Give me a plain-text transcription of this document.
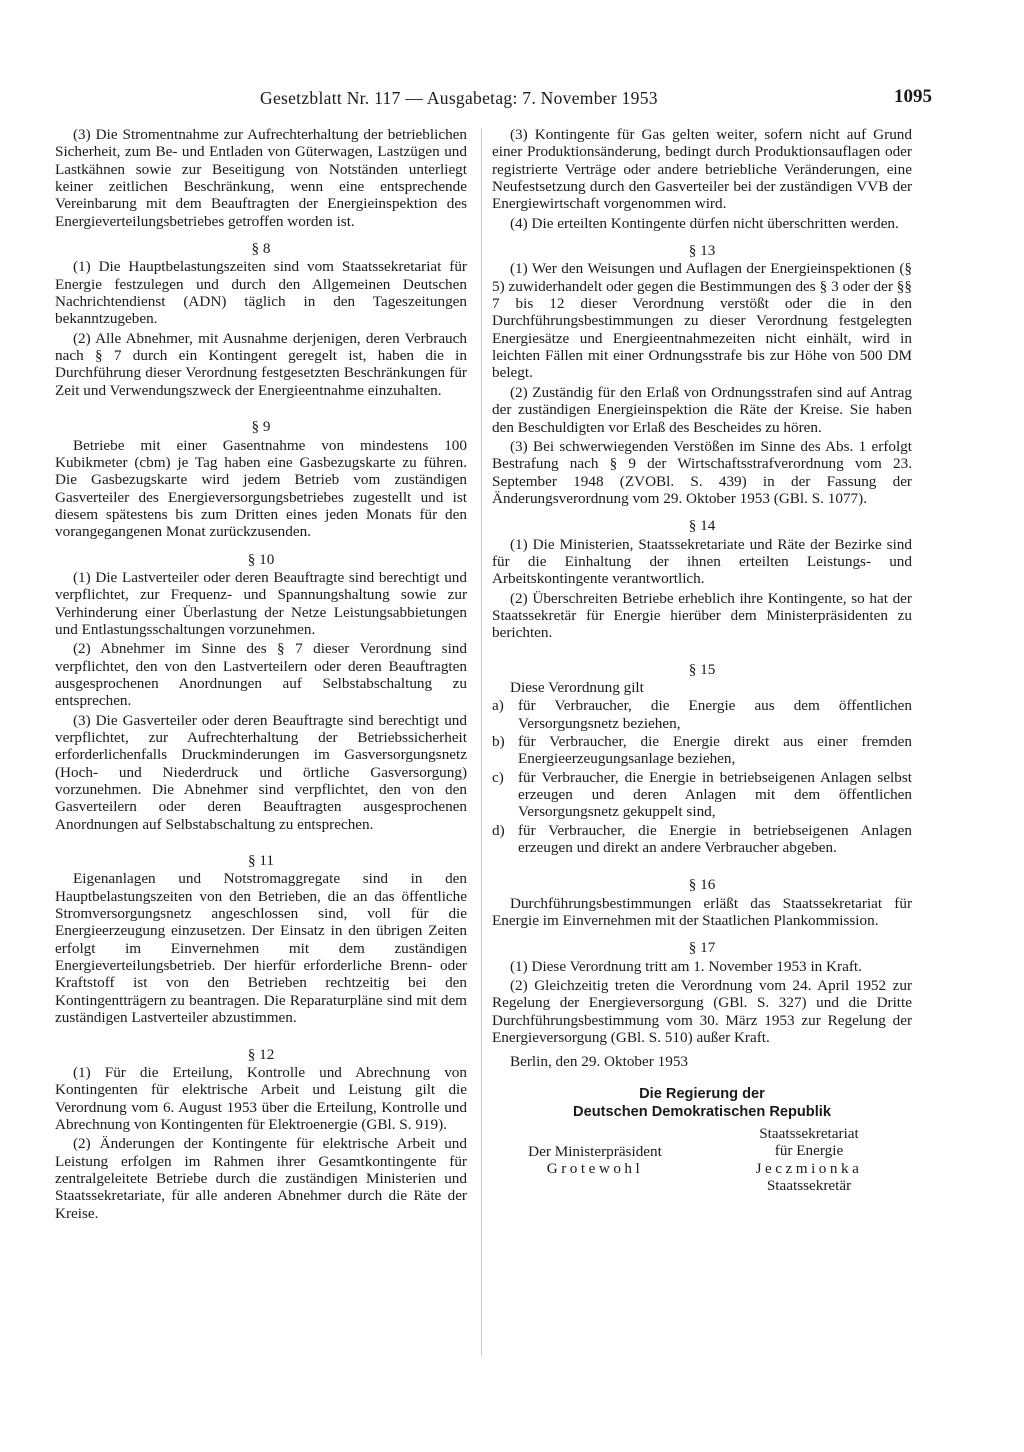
Gesetzblatt Nr. 117 — Ausgabetag: 7. November 1953	1095

(3) Die Stromentnahme zur Aufrechterhaltung der betrieblichen Sicherheit, zum Be- und Entladen von Güterwagen, Lastzügen und Lastkähnen sowie zur Beseitigung von Notständen unterliegt keiner zeitlichen Beschränkung, wenn eine entsprechende Vereinbarung mit dem Beauftragten der Energieinspektion des Energieverteilungsbetriebes getroffen worden ist.

§ 8

(1) Die Hauptbelastungszeiten sind vom Staatssekretariat für Energie festzulegen und durch den Allgemeinen Deutschen Nachrichtendienst (ADN) täglich in den Tageszeitungen bekanntzugeben.

(2) Alle Abnehmer, mit Ausnahme derjenigen, deren Verbrauch nach § 7 durch ein Kontingent geregelt ist, haben die in Durchführung dieser Verordnung festgesetzten Beschränkungen für Zeit und Verwendungszweck der Energieentnahme einzuhalten.

§ 9

Betriebe mit einer Gasentnahme von mindestens 100 Kubikmeter (cbm) je Tag haben eine Gasbezugskarte zu führen. Die Gasbezugskarte wird jedem Betrieb vom zuständigen Gasverteiler des Energieversorgungsbetriebes zugestellt und ist diesem spätestens bis zum Dritten eines jeden Monats für den vorangegangenen Monat zurückzusenden.

§ 10

(1) Die Lastverteiler oder deren Beauftragte sind berechtigt und verpflichtet, zur Frequenz- und Spannungshaltung sowie zur Verhinderung einer Überlastung der Netze Leistungsabbietungen und Entlastungsschaltungen vorzunehmen.

(2) Abnehmer im Sinne des § 7 dieser Verordnung sind verpflichtet, den von den Lastverteilern oder deren Beauftragten ausgesprochenen Anordnungen auf Selbstabschaltung zu entsprechen.

(3) Die Gasverteiler oder deren Beauftragte sind berechtigt und verpflichtet, zur Aufrechterhaltung der Betriebssicherheit erforderlichenfalls Druckminderungen im Gasversorgungsnetz (Hoch- und Niederdruck und örtliche Gasversorgung) vorzunehmen. Die Abnehmer sind verpflichtet, den von den Gasverteilern oder deren Beauftragten ausgesprochenen Anordnungen auf Selbstabschaltung zu entsprechen.

§ 11

Eigenanlagen und Notstromaggregate sind in den Hauptbelastungszeiten von den Betrieben, die an das öffentliche Stromversorgungsnetz angeschlossen sind, voll für die Energieerzeugung einzusetzen. Der Einsatz in den übrigen Zeiten erfolgt im Einvernehmen mit dem zuständigen Energieverteilungsbetrieb. Der hierfür erforderliche Brenn- oder Kraftstoff ist von den Betrieben rechtzeitig bei den Kontingentträgern zu beantragen. Die Reparaturpläne sind mit dem zuständigen Lastverteiler abzustimmen.

§ 12

(1) Für die Erteilung, Kontrolle und Abrechnung von Kontingenten für elektrische Arbeit und Leistung gilt die Verordnung vom 6. August 1953 über die Erteilung, Kontrolle und Abrechnung von Kontingenten für Elektroenergie (GBl. S. 919).

(2) Änderungen der Kontingente für elektrische Arbeit und Leistung erfolgen im Rahmen ihrer Gesamtkontingente für zentralgeleitete Betriebe durch die zuständigen Ministerien und Staatssekretariate, für alle anderen Abnehmer durch die Räte der Kreise.

(3) Kontingente für Gas gelten weiter, sofern nicht auf Grund einer Produktionsänderung, bedingt durch Produktionsauflagen oder registrierte Verträge oder andere betriebliche Veränderungen, eine Neufestsetzung durch den Gasverteiler bei der zuständigen VVB der Energiewirtschaft vorgenommen wird.

(4) Die erteilten Kontingente dürfen nicht überschritten werden.

§ 13

(1) Wer den Weisungen und Auflagen der Energieinspektionen (§ 5) zuwiderhandelt oder gegen die Bestimmungen des § 3 oder der §§ 7 bis 12 dieser Verordnung verstößt oder die in den Durchführungsbestimmungen zu dieser Verordnung festgelegten Energiesätze und Energieentnahmezeiten nicht einhält, wird in leichten Fällen mit einer Ordnungsstrafe bis zur Höhe von 500 DM belegt.

(2) Zuständig für den Erlaß von Ordnungsstrafen sind auf Antrag der zuständigen Energieinspektion die Räte der Kreise. Sie haben den Beschuldigten vor Erlaß des Bescheides zu hören.

(3) Bei schwerwiegenden Verstößen im Sinne des Abs. 1 erfolgt Bestrafung nach § 9 der Wirtschaftsstrafverordnung vom 23. September 1948 (ZVOBl. S. 439) in der Fassung der Änderungsverordnung vom 29. Oktober 1953 (GBl. S. 1077).

§ 14

(1) Die Ministerien, Staatssekretariate und Räte der Bezirke sind für die Einhaltung der ihnen erteilten Leistungs- und Arbeitskontingente verantwortlich.

(2) Überschreiten Betriebe erheblich ihre Kontingente, so hat der Staatssekretär für Energie hierüber dem Ministerpräsidenten zu berichten.

§ 15

Diese Verordnung gilt

a) für Verbraucher, die Energie aus dem öffentlichen Versorgungsnetz beziehen,
b) für Verbraucher, die Energie direkt aus einer fremden Energieerzeugungsanlage beziehen,
c) für Verbraucher, die Energie in betriebseigenen Anlagen selbst erzeugen und deren Anlagen mit dem öffentlichen Versorgungsnetz gekuppelt sind,
d) für Verbraucher, die Energie in betriebseigenen Anlagen erzeugen und direkt an andere Verbraucher abgeben.

§ 16

Durchführungsbestimmungen erläßt das Staatssekretariat für Energie im Einvernehmen mit der Staatlichen Plankommission.

§ 17

(1) Diese Verordnung tritt am 1. November 1953 in Kraft.

(2) Gleichzeitig treten die Verordnung vom 24. April 1952 zur Regelung der Energieversorgung (GBl. S. 327) und die Dritte Durchführungsbestimmung vom 30. März 1953 zur Regelung der Energieversorgung (GBl. S. 510) außer Kraft.

Berlin, den 29. Oktober 1953

Die Regierung der
Deutschen Demokratischen Republik
Der Ministerpräsident
Grotewohl
Staatssekretariat
für Energie
Jeczmionka
Staatssekretär
